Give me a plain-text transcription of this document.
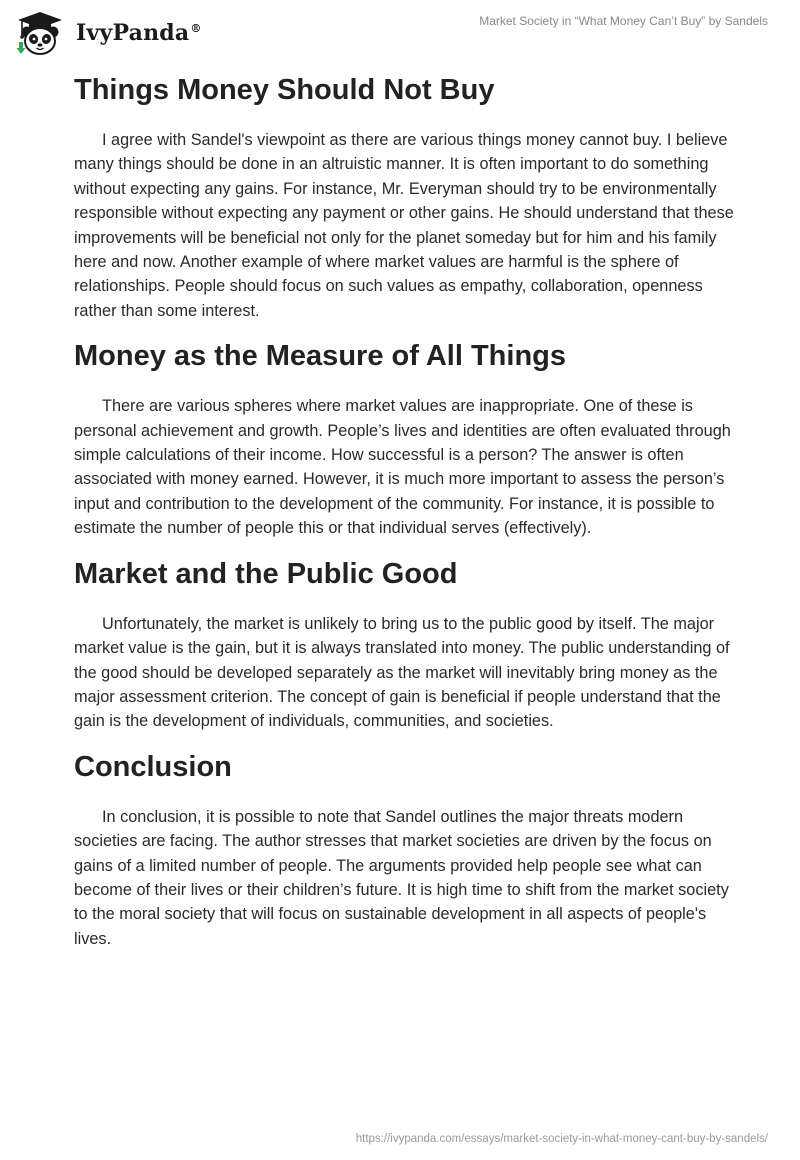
IvyPanda®
Market Society in “What Money Can’t Buy” by Sandels
Things Money Should Not Buy

I agree with Sandel's viewpoint as there are various things money cannot buy. I believe many things should be done in an altruistic manner. It is often important to do something without expecting any gains. For instance, Mr. Everyman should try to be environmentally responsible without expecting any payment or other gains. He should understand that these improvements will be beneficial not only for the planet someday but for him and his family here and now. Another example of where market values are harmful is the sphere of relationships. People should focus on such values as empathy, collaboration, openness rather than some interest.

Money as the Measure of All Things

There are various spheres where market values are inappropriate. One of these is personal achievement and growth. People’s lives and identities are often evaluated through simple calculations of their income. How successful is a person? The answer is often associated with money earned. However, it is much more important to assess the person’s input and contribution to the development of the community. For instance, it is possible to estimate the number of people this or that individual serves (effectively).

Market and the Public Good

Unfortunately, the market is unlikely to bring us to the public good by itself. The major market value is the gain, but it is always translated into money. The public understanding of the good should be developed separately as the market will inevitably bring money as the major assessment criterion. The concept of gain is beneficial if people understand that the gain is the development of individuals, communities, and societies.

Conclusion

In conclusion, it is possible to note that Sandel outlines the major threats modern societies are facing. The author stresses that market societies are driven by the focus on gains of a limited number of people. The arguments provided help people see what can become of their lives or their children’s future. It is high time to shift from the market society to the moral society that will focus on sustainable development in all aspects of people's lives.

https://ivypanda.com/essays/market-society-in-what-money-cant-buy-by-sandels/
